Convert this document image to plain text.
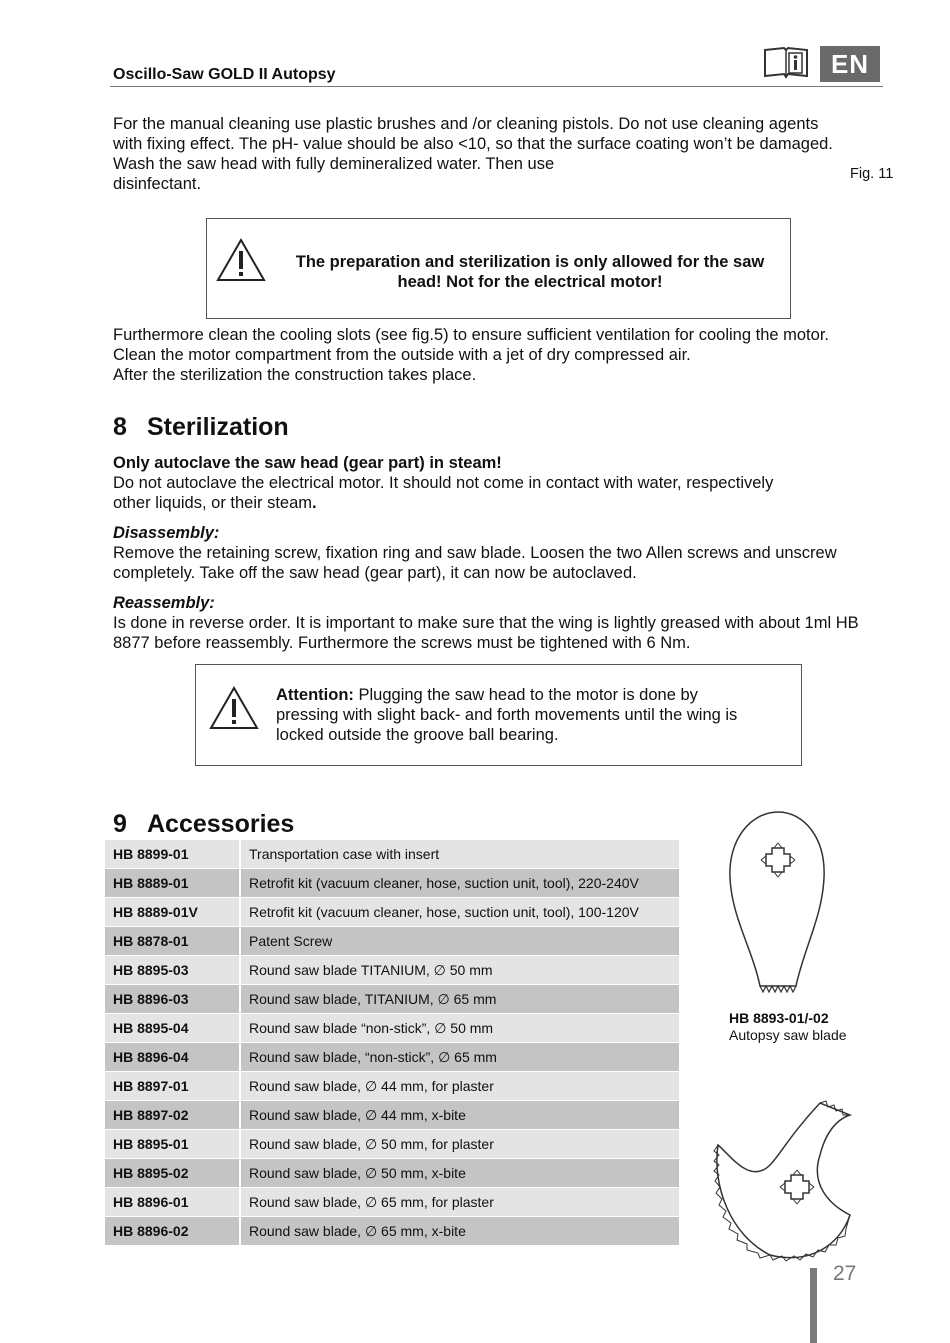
Oscillo-Saw GOLD II Autopsy	EN
For the manual cleaning use plastic brushes and /or cleaning pistols. Do not use cleaning agents
with fixing effect. The pH- value should be also <10, so that the surface coating won’t be damaged.
Wash the saw head with fully demineralized water. Then use
disinfectant.
Fig. 11
The preparation and sterilization is only allowed for the saw
head! Not for the electrical motor!
Furthermore clean the cooling slots (see fig.5) to ensure sufficient ventilation for cooling the motor.
Clean the motor compartment from the outside with a jet of dry compressed air.
After the sterilization the construction takes place.
8 Sterilization
Only autoclave the saw head (gear part) in steam!
Do not autoclave the electrical motor. It should not come in contact with water, respectively
other liquids, or their steam.
Disassembly:
Remove the retaining screw, fixation ring and saw blade. Loosen the two Allen screws and unscrew
completely. Take off the saw head (gear part), it can now be autoclaved.
Reassembly:
Is done in reverse order. It is important to make sure that the wing is lightly greased with about 1ml HB
8877 before reassembly. Furthermore the screws must be tightened with 6 Nm.
Attention: Plugging the saw head to the motor is done by
pressing with slight back- and forth movements until the wing is
locked outside the groove ball bearing.
9 Accessories
HB 8899-01	Transportation case with insert
HB 8889-01	Retrofit kit (vacuum cleaner, hose, suction unit, tool), 220-240V
HB 8889-01V	Retrofit kit (vacuum cleaner, hose, suction unit, tool), 100-120V
HB 8878-01	Patent Screw
HB 8895-03	Round saw blade TITANIUM, ∅ 50 mm
HB 8896-03	Round saw blade, TITANIUM, ∅ 65 mm
HB 8895-04	Round saw blade “non-stick”, ∅ 50 mm
HB 8896-04	Round saw blade, “non-stick”, ∅ 65 mm
HB 8897-01	Round saw blade, ∅ 44 mm, for plaster
HB 8897-02	Round saw blade, ∅ 44 mm, x-bite
HB 8895-01	Round saw blade, ∅ 50 mm, for plaster
HB 8895-02	Round saw blade, ∅ 50 mm, x-bite
HB 8896-01	Round saw blade, ∅ 65 mm, for plaster
HB 8896-02	Round saw blade, ∅ 65 mm, x-bite
HB 8893-01/-02
Autopsy saw blade
27
